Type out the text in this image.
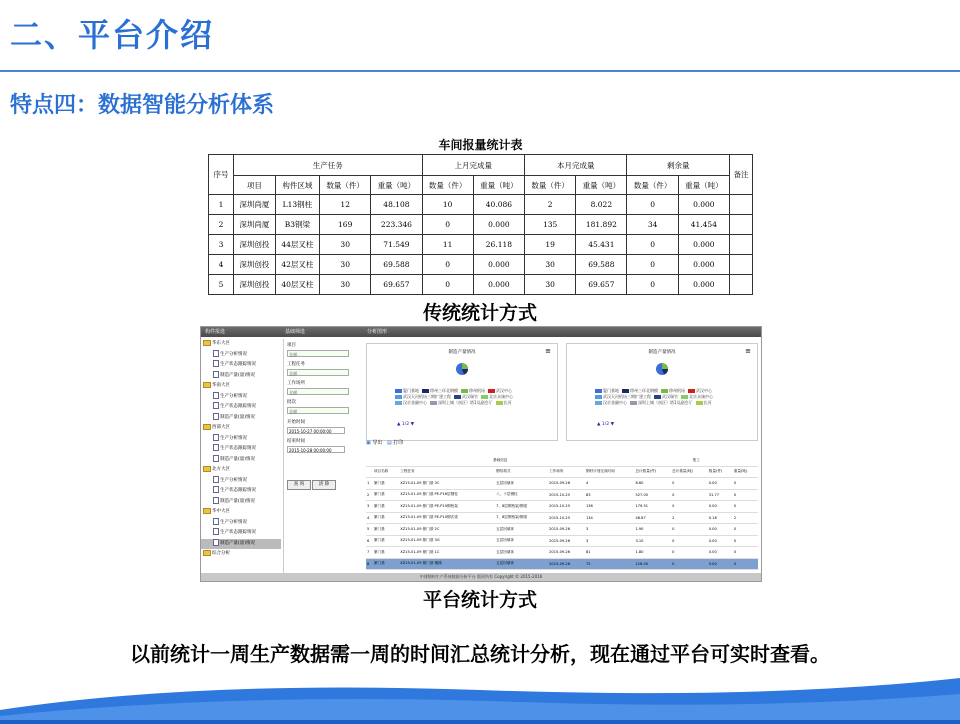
二、平台介绍
特点四：数据智能分析体系
车间报量统计表
序号	生产任务				上月完成量		本月完成量		剩余量		备注
	项目	构件区域	数量（件）	重量（吨）	数量（件）	重量（吨）	数量（件）	重量（吨）	数量（件）	重量（吨）	
1	深圳尚厦	L13钢柱	12	48.108	10	40.086	2	8.022	0	0.000	
2	深圳尚厦	B3钢梁	169	223.346	0	0.000	135	181.892	34	41.454	
3	深圳创投	44层叉柱	30	71.549	11	26.118	19	45.431	0	0.000	
4	深圳创投	42层叉柱	30	69.588	0	0.000	30	69.588	0	0.000	
5	深圳创投	40层叉柱	30	69.657	0	0.000	30	69.657	0	0.000	
传统统计方式
构件报选	基础筛选	分析图形
华东大区
生产分析情况
生产状态跟踪情况
制造产量(量)情况
华南大区
生产分析情况
生产状态跟踪情况
制造产量(量)情况
西部大区
生产分析情况
生产状态跟踪情况
制造产量(量)情况
北方大区
生产分析情况
生产状态跟踪情况
制造产量(量)情况
华中大区
生产分析情况
生产状态跟踪情况
制造产量(量)情况
综合分析
项目
全部
工程任务
全部
工作场所
全部
批次
全部
开始时间
2015-10-27 00:00:00
结束时间
2015-10-28 00:00:00
查 询	清 除
制造产量情况	≡
厦门基地	徐州三环北钢模	徐州机场	武汉中心武汉天河机场三期扩建工程	武汉瑞竹	北京众诚中心汉京金融中心	深圳上城（南区）塔1及副会厅	长河
▲ 1/2 ▼
制造产量情况	≡
厦门基地	徐州三环北钢模	徐州机场	武汉中心武汉天河机场三期扩建工程	武汉瑞竹	北京众诚中心汉京金融中心	深圳上城（南区）塔1及副会厅	长河
▲ 1/2 ▼
▣ 导出 ▤ 打印
基础信息						报工			
	项目名称	工程任务	钢结构式	工作场所	钢材计划完成时间	总计数量(件)	总计重量(吨)	数量(件)	重量(吨)
1	厦门基	XZ15-01-09 厦门基 3C	五层回填体	2015-09-26	4	8.60	0	0.00	0
2	厦门基	XZ15-01-09 厦门基 PE-P16层钢柱	八、十层钢柱	2015-10-25	83	527.00	0	31.77	0
3	厦门基	XZ15-01-09 厦门基 PE-P10钢桁架	7、8层钢桁架/钢梁	2015-10-25	136	179.51	0	0.00	0
4	厦门基	XZ15-01-09 厦门基 PE-P10钢次梁	7、8层钢桁架/钢梁	2015-10-25	134	48.87	2	0.18	2
5	厦门基	XZ15-01-09 厦门基 2C	五层回填体	2015-09-26	3	1.90	0	0.00	0
6	厦门基	XZ15-01-09 厦门基 3G	五层回填体	2015-09-26	3	3.10	0	0.00	0
7	厦门基	XZ15-01-09 厦门基 1C	五层回填体	2015-09-26	81	1.80	0	0.00	0
8	厦门基	XZ15-01-09 厦门基 楼梯	五层回填体	2015-09-26	72	116.00	0	0.00	0
中建钢构生产系统数据分析平台 版权所有 Copyright © 2015-2016
平台统计方式
以前统计一周生产数据需一周的时间汇总统计分析，现在通过平台可实时查看。
